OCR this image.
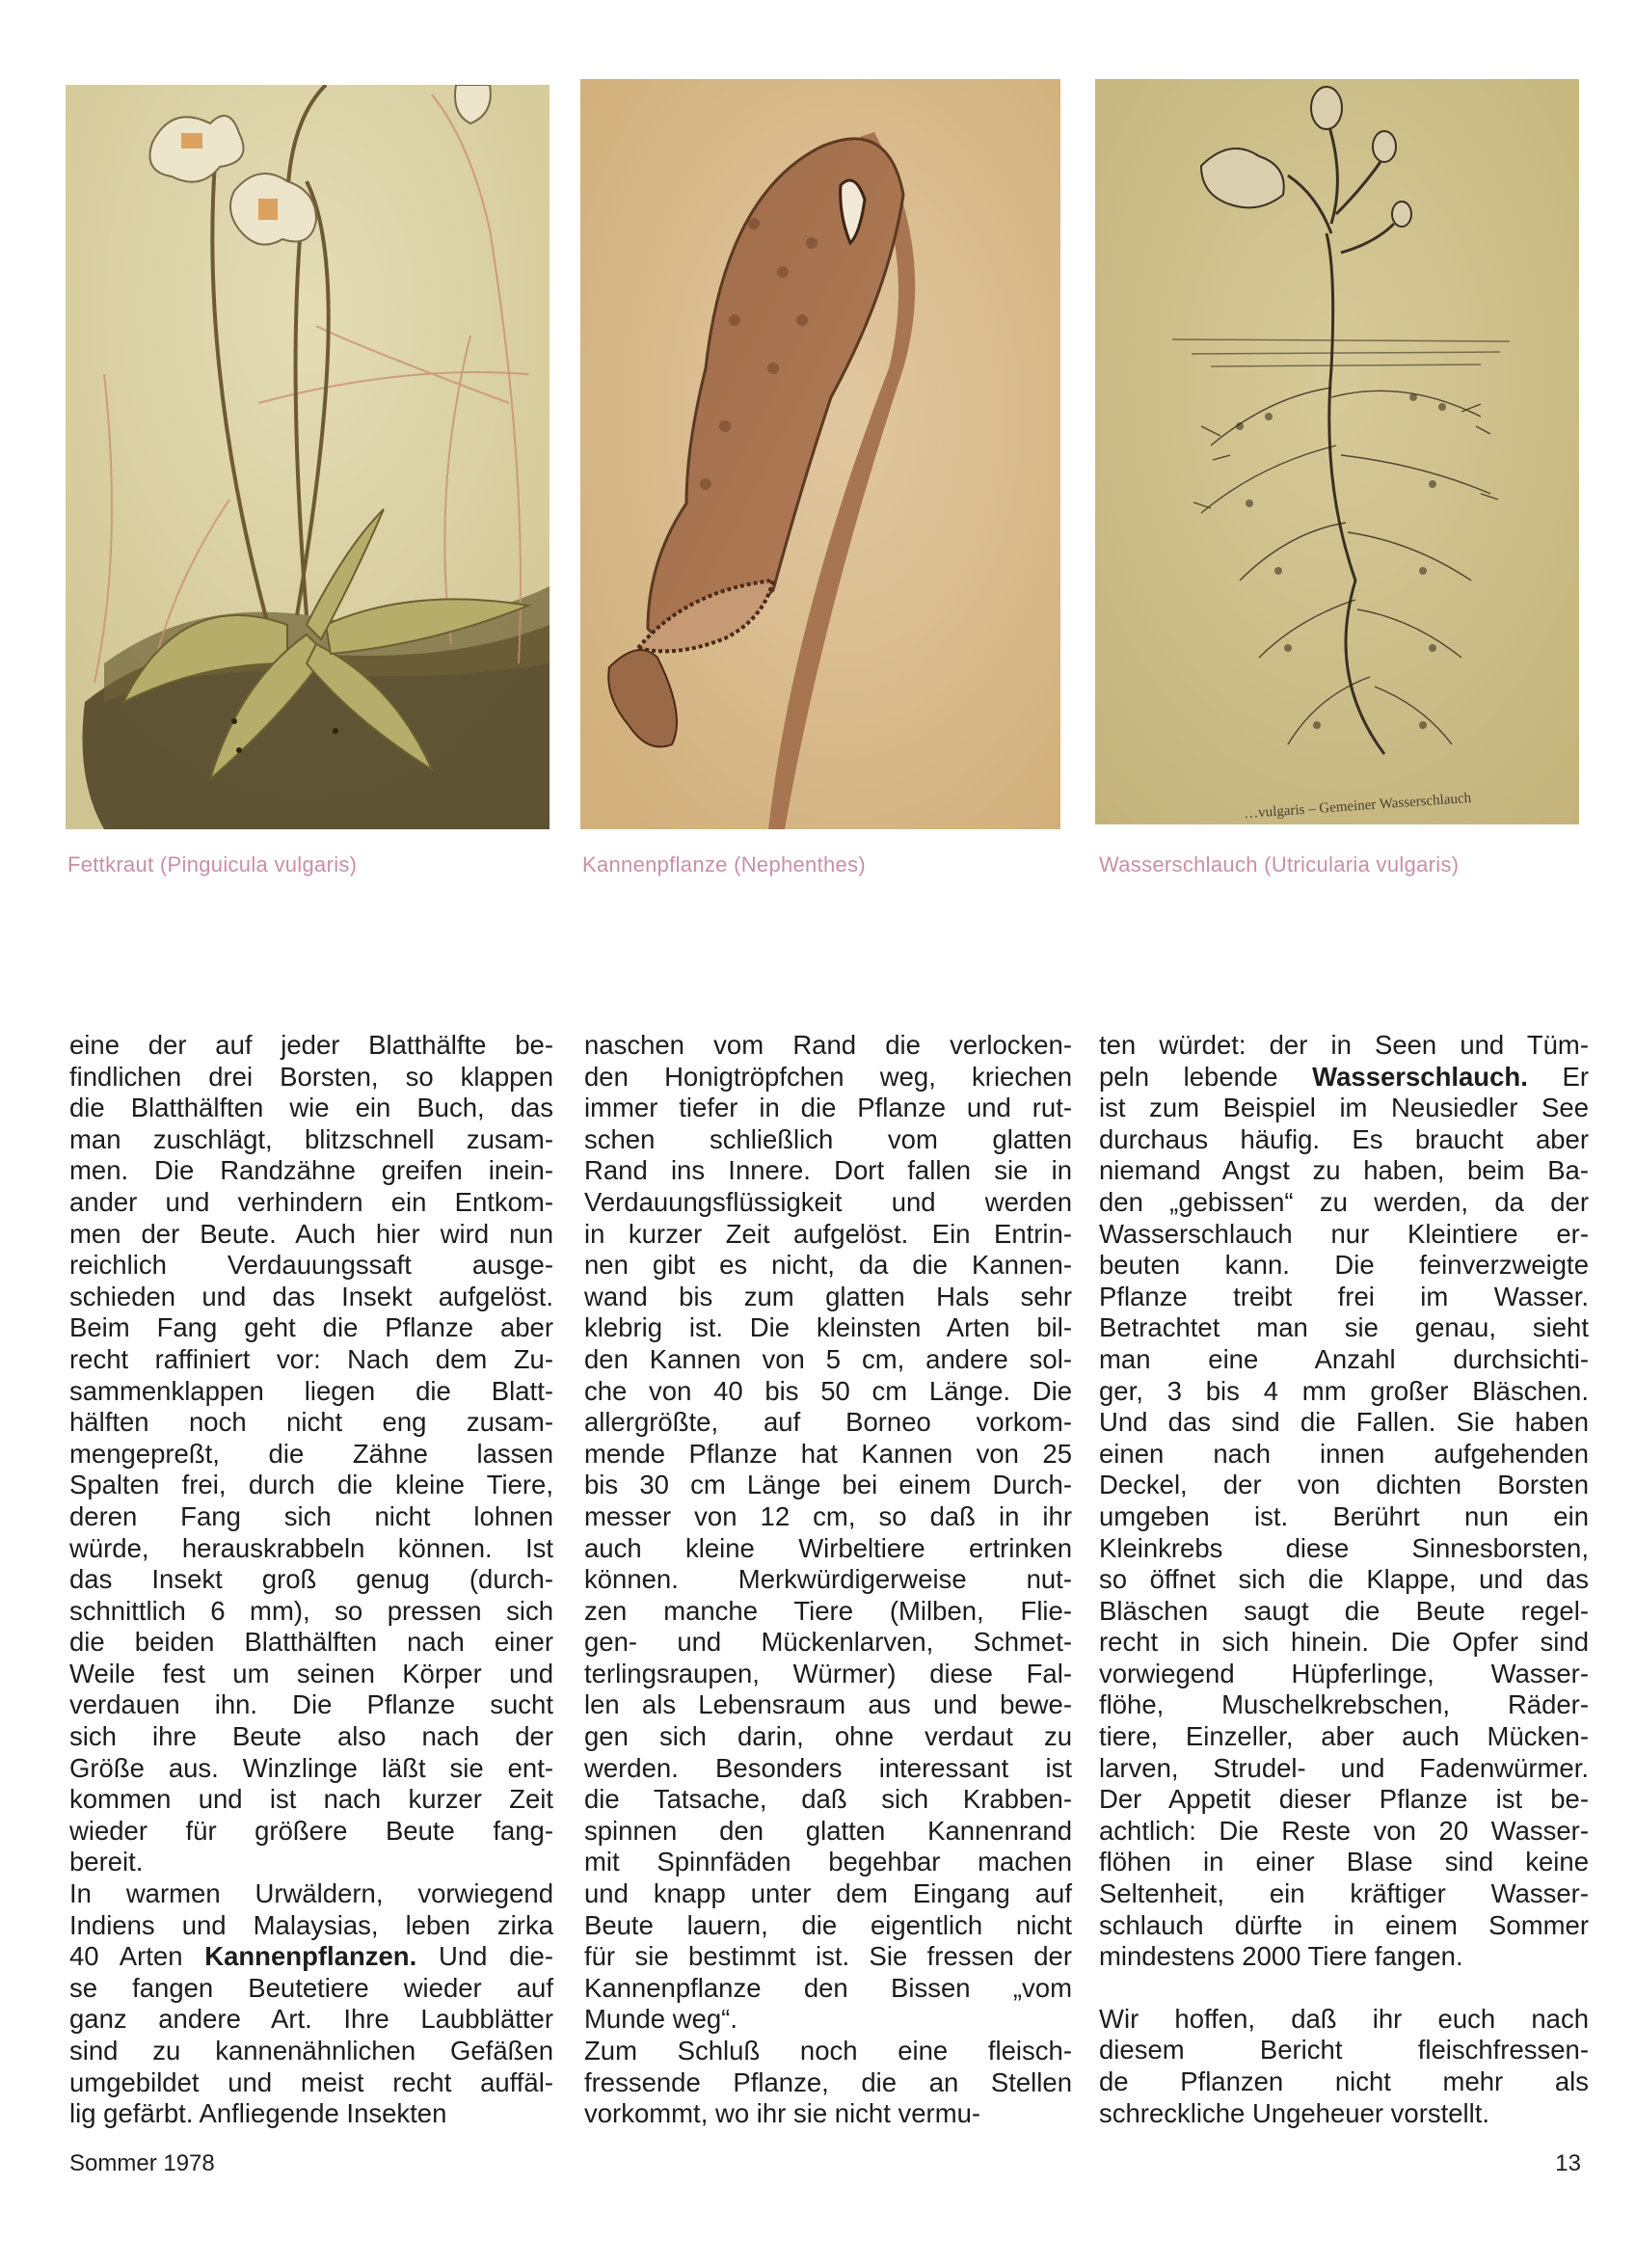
…vulgaris – Gemeiner Wasserschlauch
Fettkraut (Pinguicula vulgaris)	Kannenpflanze (Nephenthes)	Wasserschlauch (Utricularia vulgaris)
eine der auf jeder Blatthälfte be-
findlichen drei Borsten, so klappen
die Blatthälften wie ein Buch, das
man zuschlägt, blitzschnell zusam-
men. Die Randzähne greifen inein-
ander und verhindern ein Entkom-
men der Beute. Auch hier wird nun
reichlich Verdauungssaft ausge-
schieden und das Insekt aufgelöst.
Beim Fang geht die Pflanze aber
recht raffiniert vor: Nach dem Zu-
sammenklappen liegen die Blatt-
hälften noch nicht eng zusam-
mengepreßt, die Zähne lassen
Spalten frei, durch die kleine Tiere,
deren Fang sich nicht lohnen
würde, herauskrabbeln können. Ist
das Insekt groß genug (durch-
schnittlich 6 mm), so pressen sich
die beiden Blatthälften nach einer
Weile fest um seinen Körper und
verdauen ihn. Die Pflanze sucht
sich ihre Beute also nach der
Größe aus. Winzlinge läßt sie ent-
kommen und ist nach kurzer Zeit
wieder für größere Beute fang-
bereit.
In warmen Urwäldern, vorwiegend
Indiens und Malaysias, leben zirka
40 Arten Kannenpflanzen. Und die-
se fangen Beutetiere wieder auf
ganz andere Art. Ihre Laubblätter
sind zu kannenähnlichen Gefäßen
umgebildet und meist recht auffäl-
lig gefärbt. Anfliegende Insekten
naschen vom Rand die verlocken-
den Honigtröpfchen weg, kriechen
immer tiefer in die Pflanze und rut-
schen schließlich vom glatten
Rand ins Innere. Dort fallen sie in
Verdauungsflüssigkeit und werden
in kurzer Zeit aufgelöst. Ein Entrin-
nen gibt es nicht, da die Kannen-
wand bis zum glatten Hals sehr
klebrig ist. Die kleinsten Arten bil-
den Kannen von 5 cm, andere sol-
che von 40 bis 50 cm Länge. Die
allergrößte, auf Borneo vorkom-
mende Pflanze hat Kannen von 25
bis 30 cm Länge bei einem Durch-
messer von 12 cm, so daß in ihr
auch kleine Wirbeltiere ertrinken
können. Merkwürdigerweise nut-
zen manche Tiere (Milben, Flie-
gen- und Mückenlarven, Schmet-
terlingsraupen, Würmer) diese Fal-
len als Lebensraum aus und bewe-
gen sich darin, ohne verdaut zu
werden. Besonders interessant ist
die Tatsache, daß sich Krabben-
spinnen den glatten Kannenrand
mit Spinnfäden begehbar machen
und knapp unter dem Eingang auf
Beute lauern, die eigentlich nicht
für sie bestimmt ist. Sie fressen der
Kannenpflanze den Bissen „vom
Munde weg“.
Zum Schluß noch eine fleisch-
fressende Pflanze, die an Stellen
vorkommt, wo ihr sie nicht vermu-
ten würdet: der in Seen und Tüm-
peln lebende Wasserschlauch. Er
ist zum Beispiel im Neusiedler See
durchaus häufig. Es braucht aber
niemand Angst zu haben, beim Ba-
den „gebissen“ zu werden, da der
Wasserschlauch nur Kleintiere er-
beuten kann. Die feinverzweigte
Pflanze treibt frei im Wasser.
Betrachtet man sie genau, sieht
man eine Anzahl durchsichti-
ger, 3 bis 4 mm großer Bläschen.
Und das sind die Fallen. Sie haben
einen nach innen aufgehenden
Deckel, der von dichten Borsten
umgeben ist. Berührt nun ein
Kleinkrebs diese Sinnesborsten,
so öffnet sich die Klappe, und das
Bläschen saugt die Beute regel-
recht in sich hinein. Die Opfer sind
vorwiegend Hüpferlinge, Wasser-
flöhe, Muschelkrebschen, Räder-
tiere, Einzeller, aber auch Mücken-
larven, Strudel- und Fadenwürmer.
Der Appetit dieser Pflanze ist be-
achtlich: Die Reste von 20 Wasser-
flöhen in einer Blase sind keine
Seltenheit, ein kräftiger Wasser-
schlauch dürfte in einem Sommer
mindestens 2000 Tiere fangen.
Wir hoffen, daß ihr euch nach
diesem Bericht fleischfressen-
de Pflanzen nicht mehr als
schreckliche Ungeheuer vorstellt.
Sommer 1978	13
